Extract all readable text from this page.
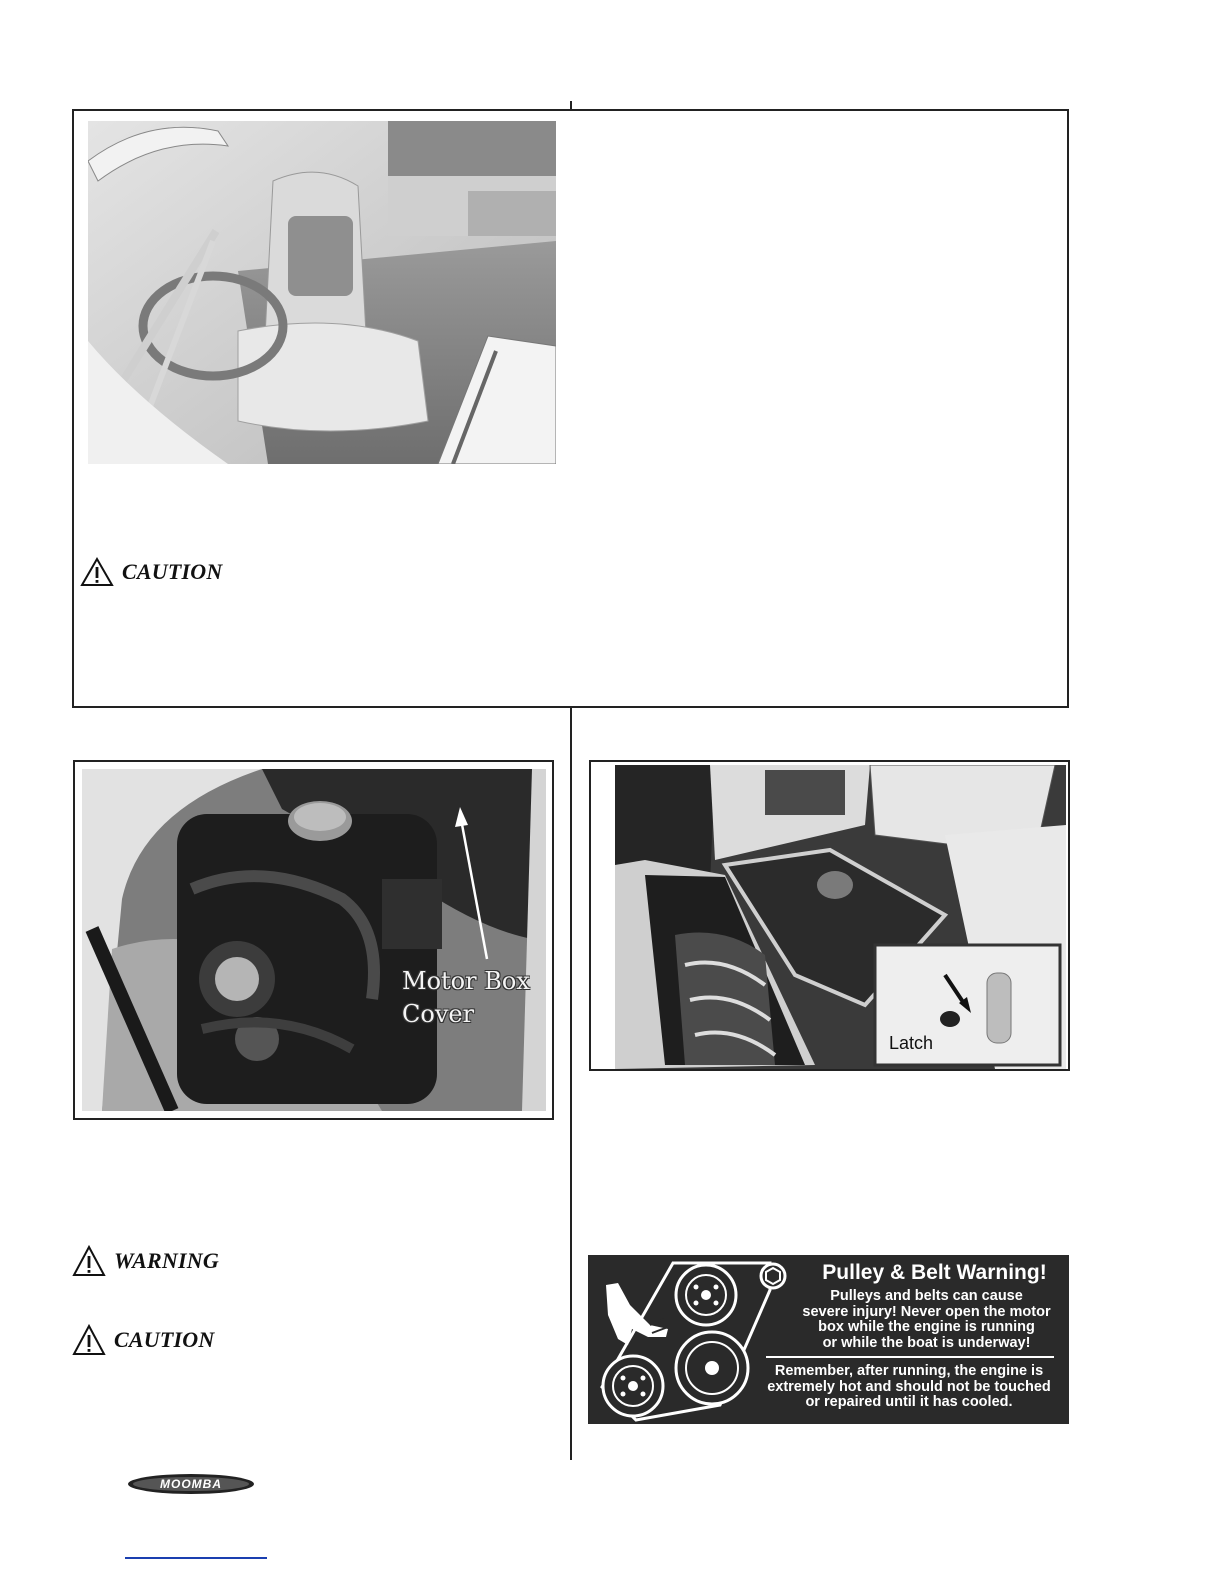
CAUTION
Motor Box
Cover
Latch
WARNING
CAUTION
Pulley & Belt Warning!
Pulleys and belts can cause
severe injury! Never open the motor
box while the engine is running
or while the boat is underway!
Remember, after running, the engine is
extremely hot and should not be touched
or repaired until it has cooled.
MOOMBA
